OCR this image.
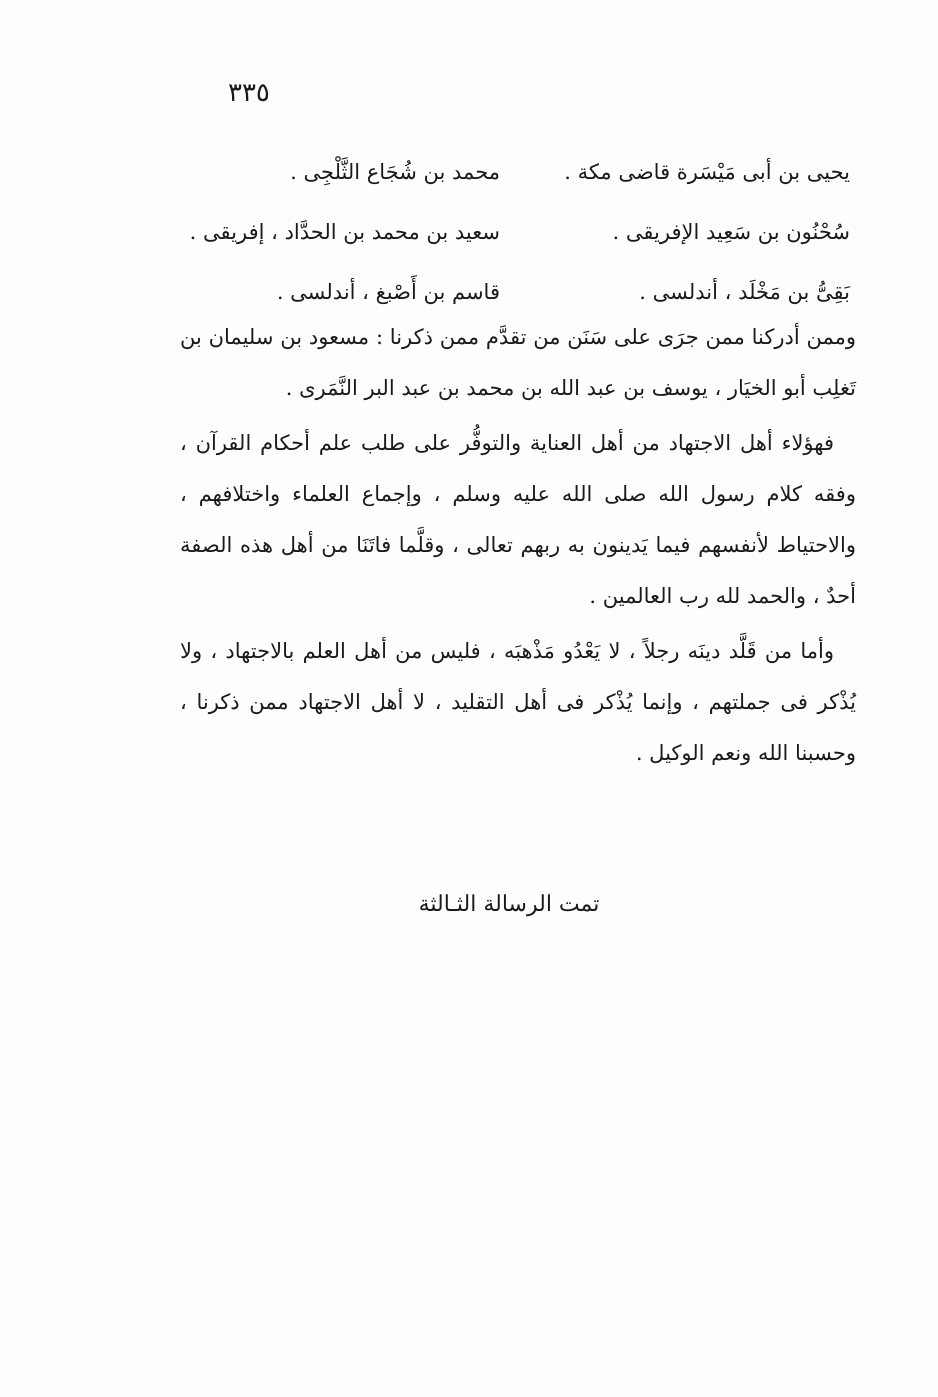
٣٣٥
يحيى بن أبى مَيْسَرة قاضى مكة .
محمد بن شُجَاع الثَّلْجِى .
سُحْنُون بن سَعِيد الإفريقى .
سعيد بن محمد بن الحدَّاد ، إفريقى .
بَقِىُّ بن مَخْلَد ، أندلسى .
قاسم بن أَصْبغ ، أندلسى .

وممن أدركنا ممن جرَى على سَنَن من تقدَّم ممن ذكرنا : مسعود بن سليمان بن تَغلِب أبو الخيَار ، يوسف بن عبد الله بن محمد بن عبد البر النَّمَرى .

فهؤلاء أهل الاجتهاد من أهل العناية والتوفُّر على طلب علم أحكام القرآن ، وفقه كلام رسول الله صلى الله عليه وسلم ، وإجماع العلماء واختلافهم ، والاحتياط لأنفسهم فيما يَدينون به ربهم تعالى ، وقلَّما فاتَنَا من أهل هذه الصفة أحدٌ ، والحمد لله رب العالمين .

وأما من قَلَّد دينَه رجلاً ، لا يَعْدُو مَذْهبَه ، فليس من أهل العلم بالاجتهاد ، ولا يُذْكر فى جملتهم ، وإنما يُذْكر فى أهل التقليد ، لا أهل الاجتهاد ممن ذكرنا ، وحسبنا الله ونعم الوكيل .

تمت الرسالة الثـالثة
